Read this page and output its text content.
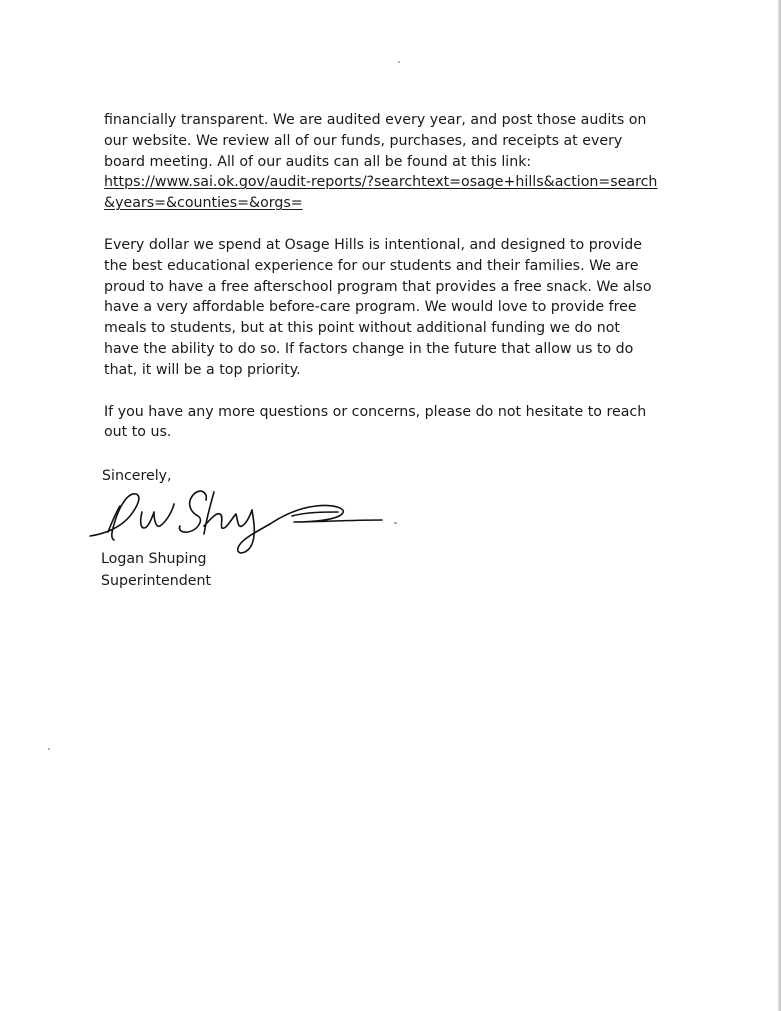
financially transparent. We are audited every year, and post those audits on
our website. We review all of our funds, purchases, and receipts at every
board meeting. All of our audits can all be found at this link:
https://www.sai.ok.gov/audit-reports/?searchtext=osage+hills&action=search
&years=&counties=&orgs=

Every dollar we spend at Osage Hills is intentional, and designed to provide
the best educational experience for our students and their families. We are
proud to have a free afterschool program that provides a free snack. We also
have a very affordable before-care program. We would love to provide free
meals to students, but at this point without additional funding we do not
have the ability to do so. If factors change in the future that allow us to do
that, it will be a top priority.

If you have any more questions or concerns, please do not hesitate to reach
out to us.

Sincerely,

Logan Shuping
Superintendent
